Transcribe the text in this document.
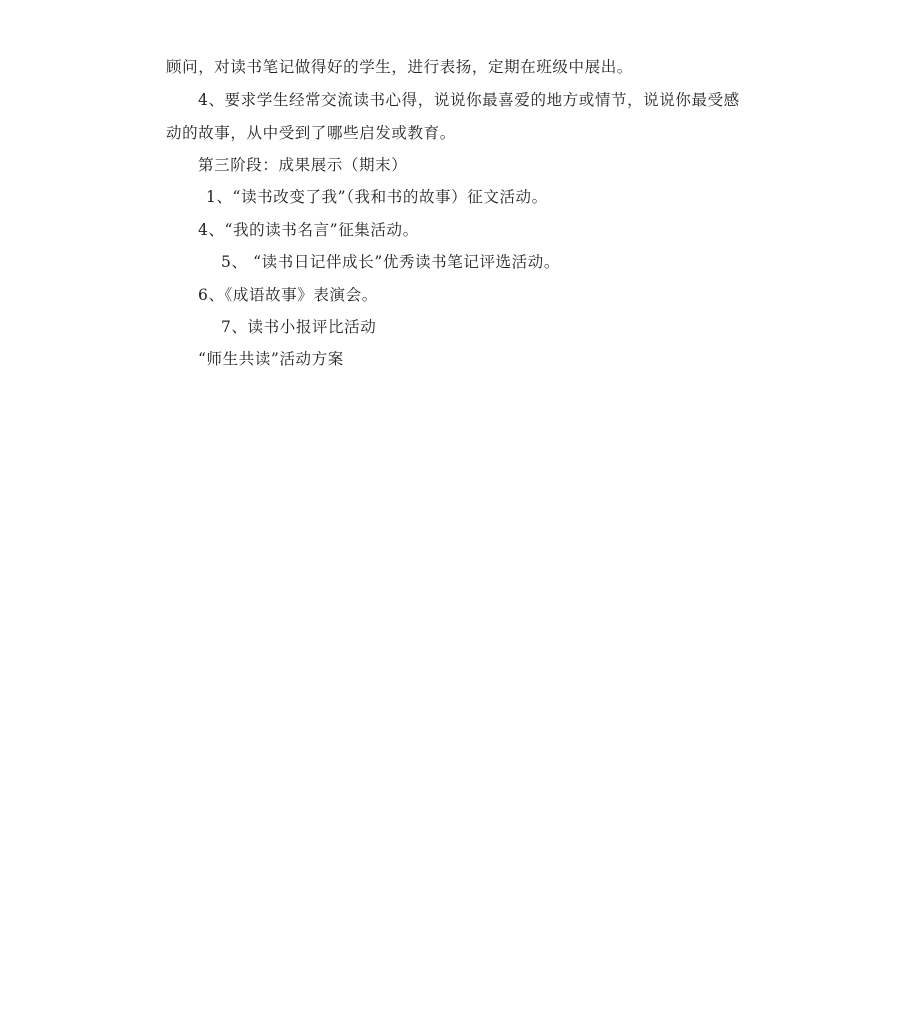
顾问，对读书笔记做得好的学生，进行表扬，定期在班级中展出。
4、要求学生经常交流读书心得，说说你最喜爱的地方或情节，说说你最受感
动的故事，从中受到了哪些启发或教育。
第三阶段：成果展示（期末）
1、“读书改变了我”（我和书的故事）征文活动。
4、“我的读书名言”征集活动。
5、 “读书日记伴成长”优秀读书笔记评选活动。
6、《成语故事》表演会。
7、读书小报评比活动
“师生共读”活动方案
